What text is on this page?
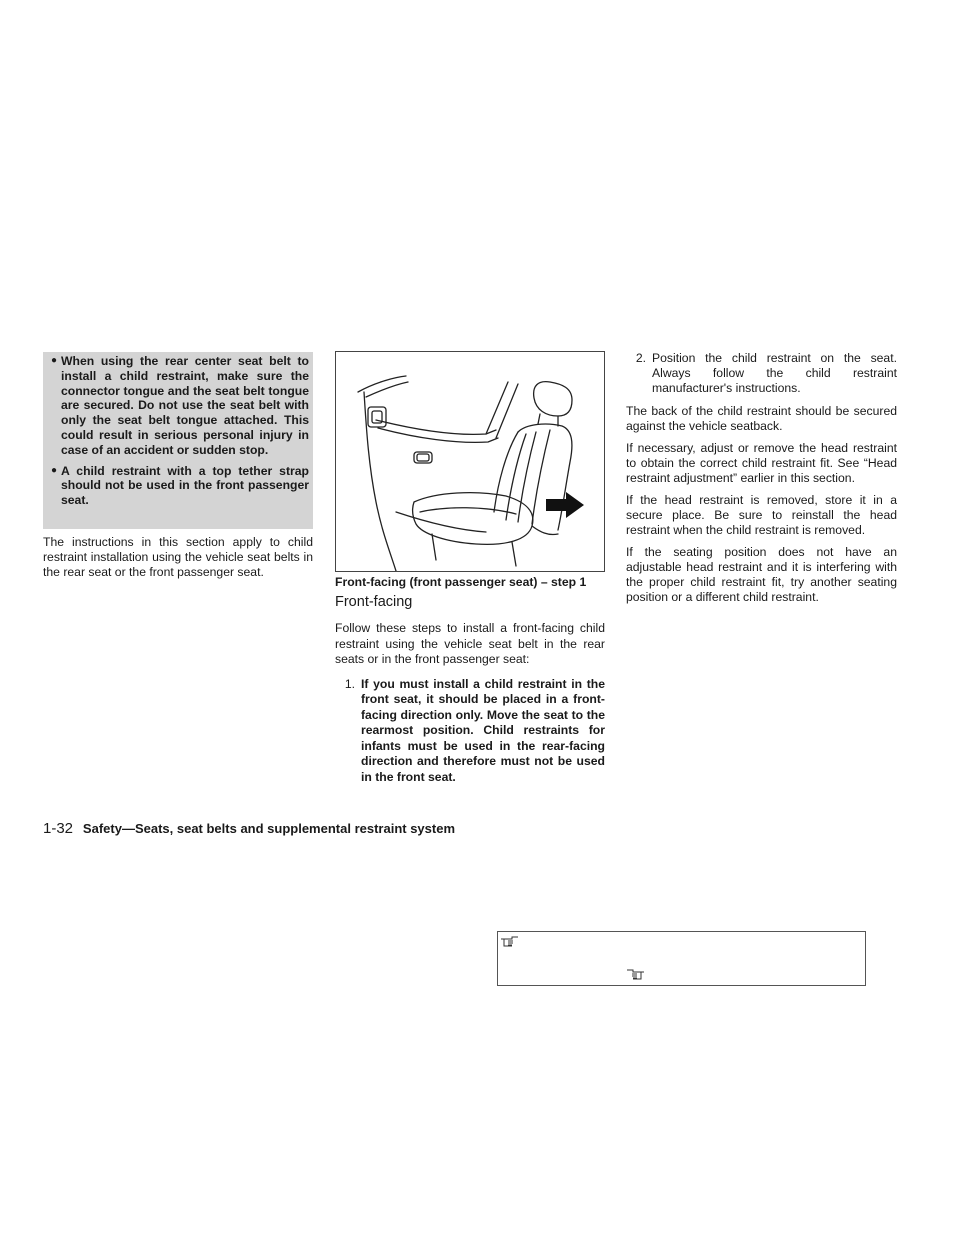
● When using the rear center seat belt to install a child restraint, make sure the connector tongue and the seat belt tongue are secured. Do not use the seat belt with only the seat belt tongue attached. This could result in serious personal injury in case of an accident or sudden stop.
● A child restraint with a top tether strap should not be used in the front passenger seat.

The instructions in this section apply to child restraint installation using the vehicle seat belts in the rear seat or the front passenger seat.

Front-facing (front passenger seat) – step 1
Front-facing

Follow these steps to install a front-facing child restraint using the vehicle seat belt in the rear seats or in the front passenger seat:

1. If you must install a child restraint in the front seat, it should be placed in a front-facing direction only. Move the seat to the rearmost position. Child restraints for infants must be used in the rear-facing direction and therefore must not be used in the front seat.
2. Position the child restraint on the seat. Always follow the child restraint manufacturer's instructions.

The back of the child restraint should be secured against the vehicle seatback.

If necessary, adjust or remove the head restraint to obtain the correct child restraint fit. See “Head restraint adjustment” earlier in this section.

If the head restraint is removed, store it in a secure place. Be sure to reinstall the head restraint when the child restraint is removed.

If the seating position does not have an adjustable head restraint and it is interfering with the proper child restraint fit, try another seating position or a different child restraint.

1-32 Safety—Seats, seat belts and supplemental restraint system
